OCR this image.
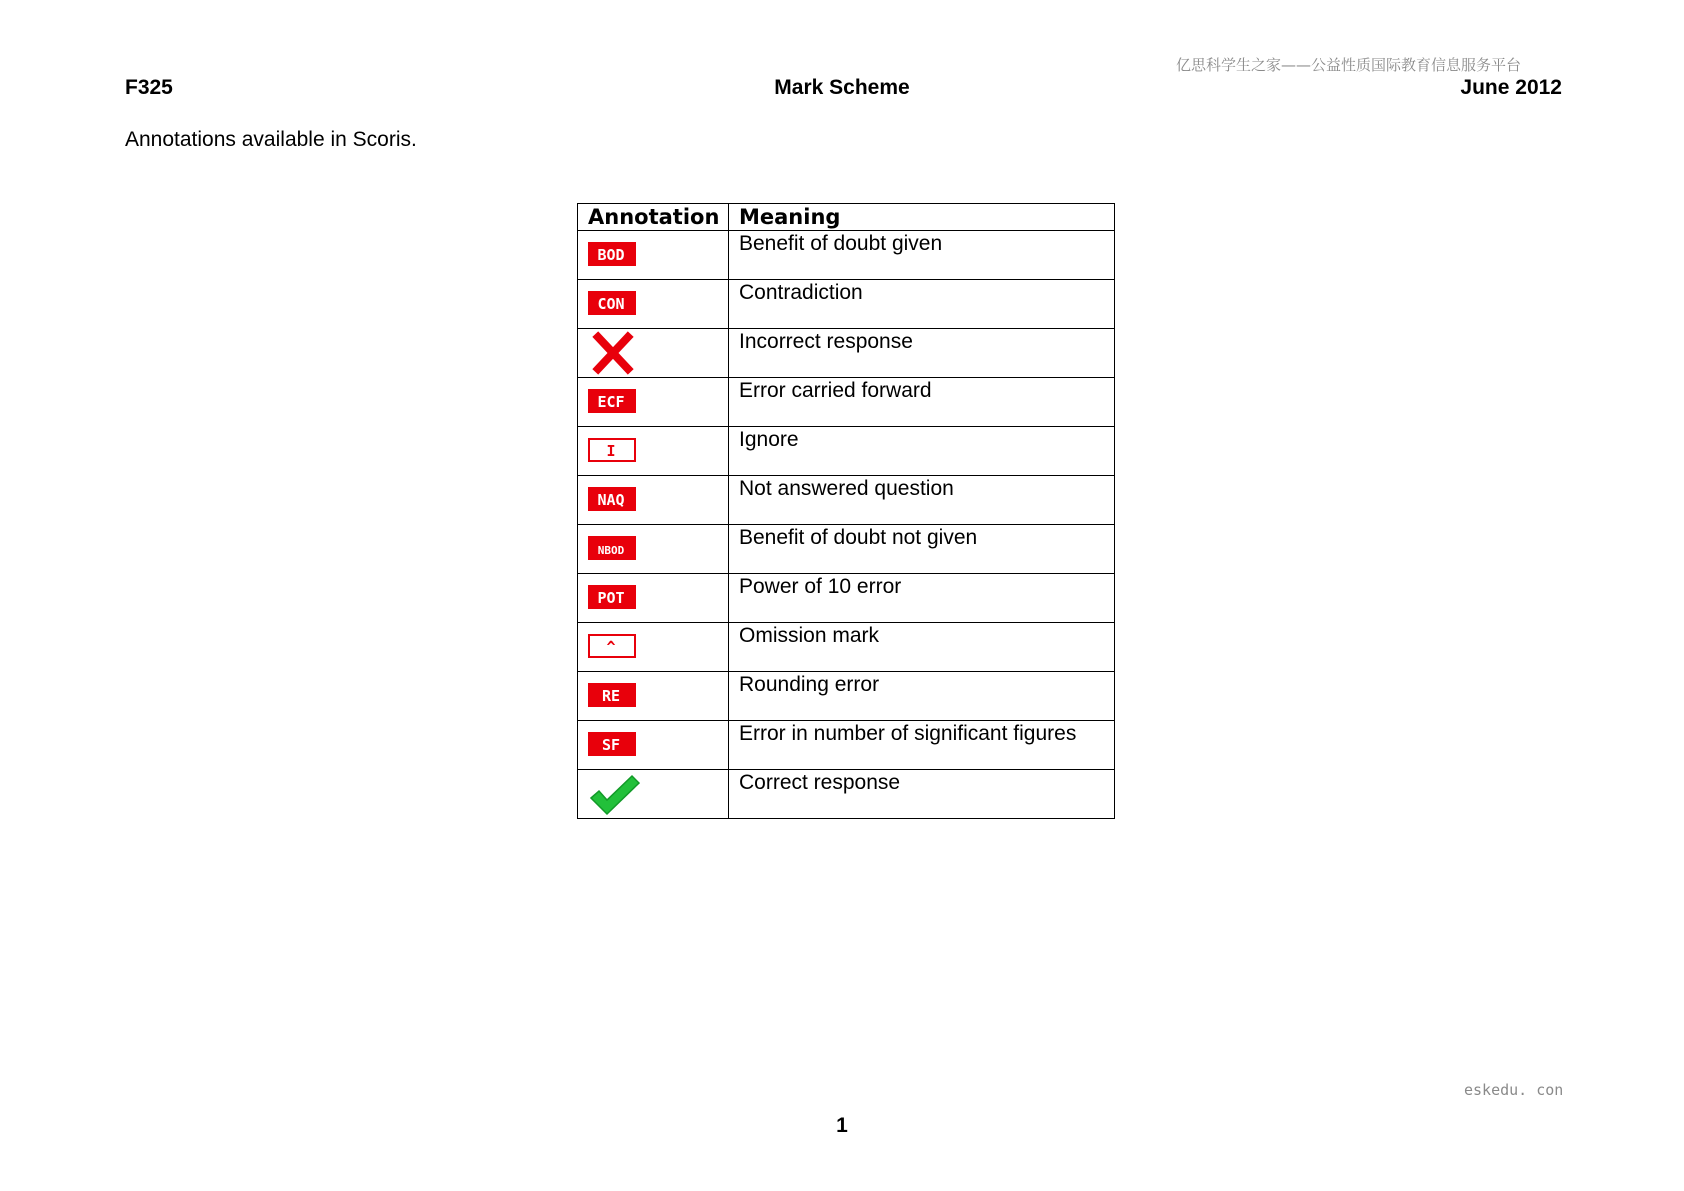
亿思科学生之家——公益性质国际教育信息服务平台
F325	Mark Scheme	June 2012
Annotations available in Scoris.
Annotation	Meaning

BOD	Benefit of doubt given

CON	Contradiction

	Incorrect response

ECF	Error carried forward

I	Ignore

NAQ	Not answered question

NBOD	Benefit of doubt not given

POT	Power of 10 error

^	Omission mark

RE	Rounding error

SF	Error in number of significant figures

	Correct response
1
eskedu. con
